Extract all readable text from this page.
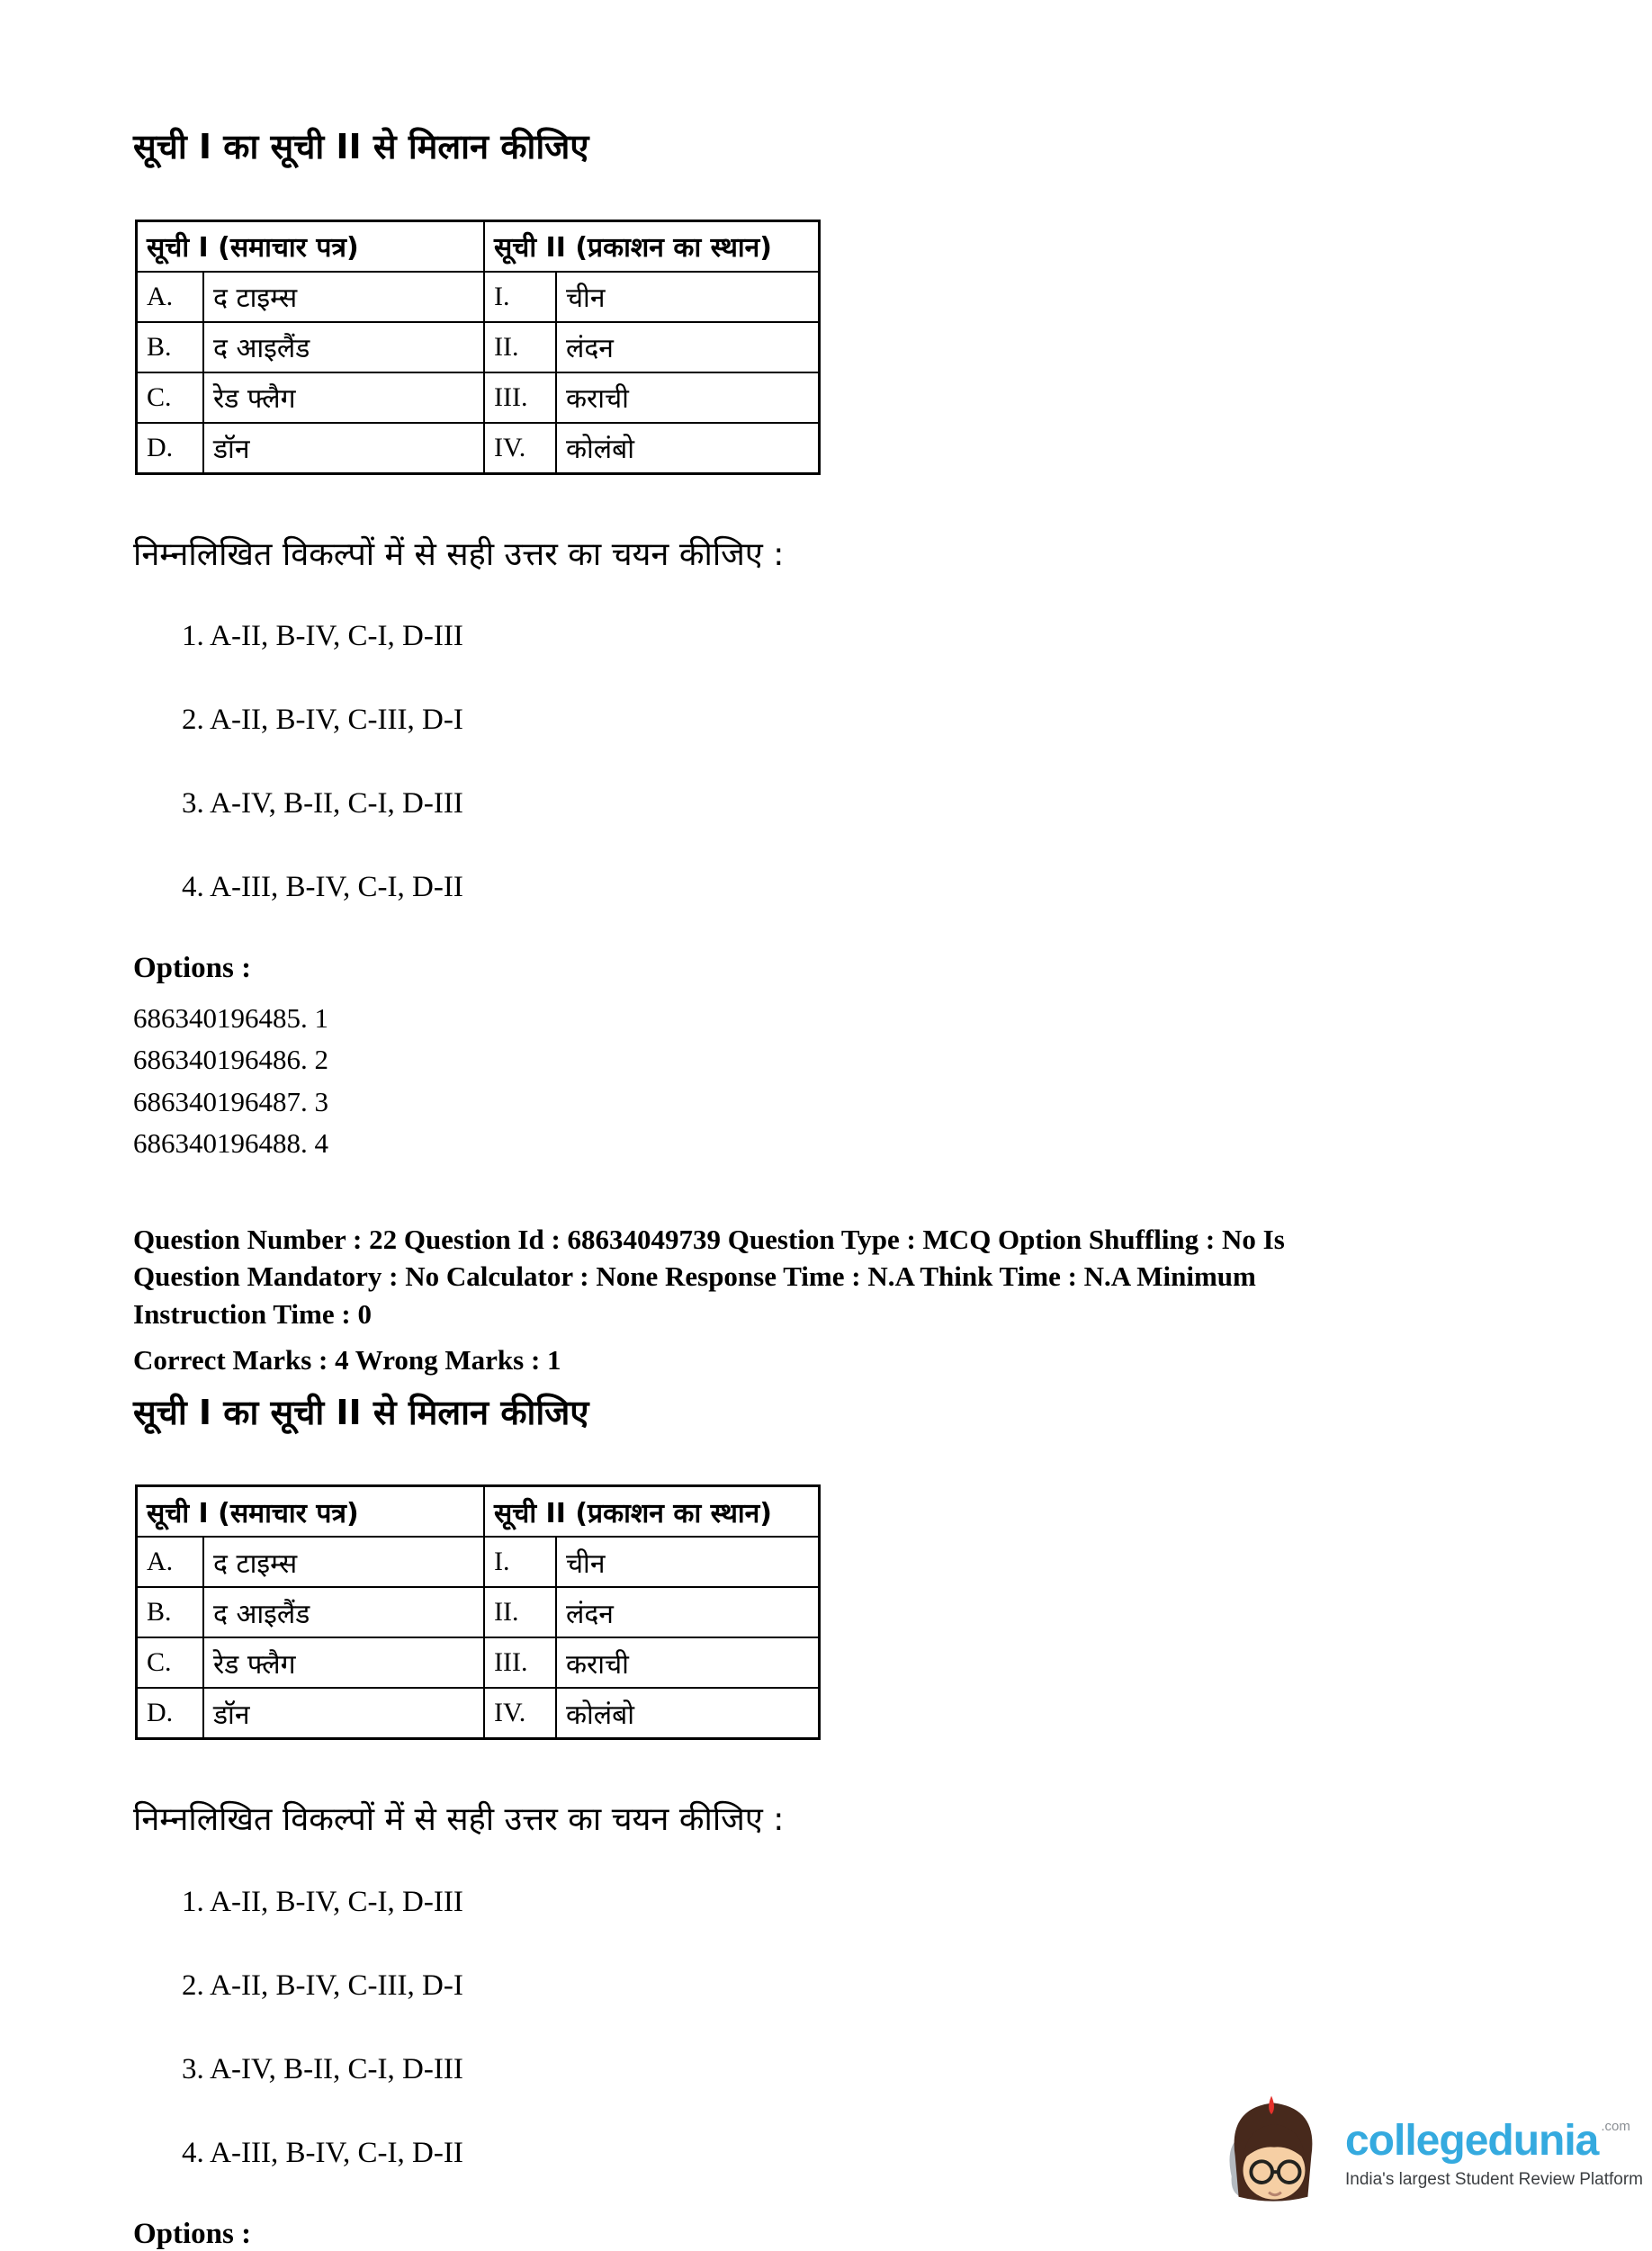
सूची I का सूची II से मिलान कीजिए
सूची I (समाचार पत्र)		सूची II (प्रकाशन का स्थान)	
A.	द टाइम्स	I.	चीन
B.	द आइलैंड	II.	लंदन
C.	रेड फ्लैग	III.	कराची
D.	डॉन	IV.	कोलंबो

निम्नलिखित विकल्पों में से सही उत्तर का चयन कीजिए :

1. A-II, B-IV, C-I, D-III

2. A-II, B-IV, C-III, D-I

3. A-IV, B-II, C-I, D-III

4. A-III, B-IV, C-I, D-II

Options :

686340196485. 1

686340196486. 2

686340196487. 3

686340196488. 4

Question Number : 22 Question Id : 68634049739 Question Type : MCQ Option Shuffling : No Is

Question Mandatory : No Calculator : None Response Time : N.A Think Time : N.A Minimum

Instruction Time : 0

Correct Marks : 4 Wrong Marks : 1

सूची I का सूची II से मिलान कीजिए
सूची I (समाचार पत्र)		सूची II (प्रकाशन का स्थान)	
A.	द टाइम्स	I.	चीन
B.	द आइलैंड	II.	लंदन
C.	रेड फ्लैग	III.	कराची
D.	डॉन	IV.	कोलंबो

निम्नलिखित विकल्पों में से सही उत्तर का चयन कीजिए :

1. A-II, B-IV, C-I, D-III

2. A-II, B-IV, C-III, D-I

3. A-IV, B-II, C-I, D-III

4. A-III, B-IV, C-I, D-II

Options :

collegedunia .com
India's largest Student Review Platform
